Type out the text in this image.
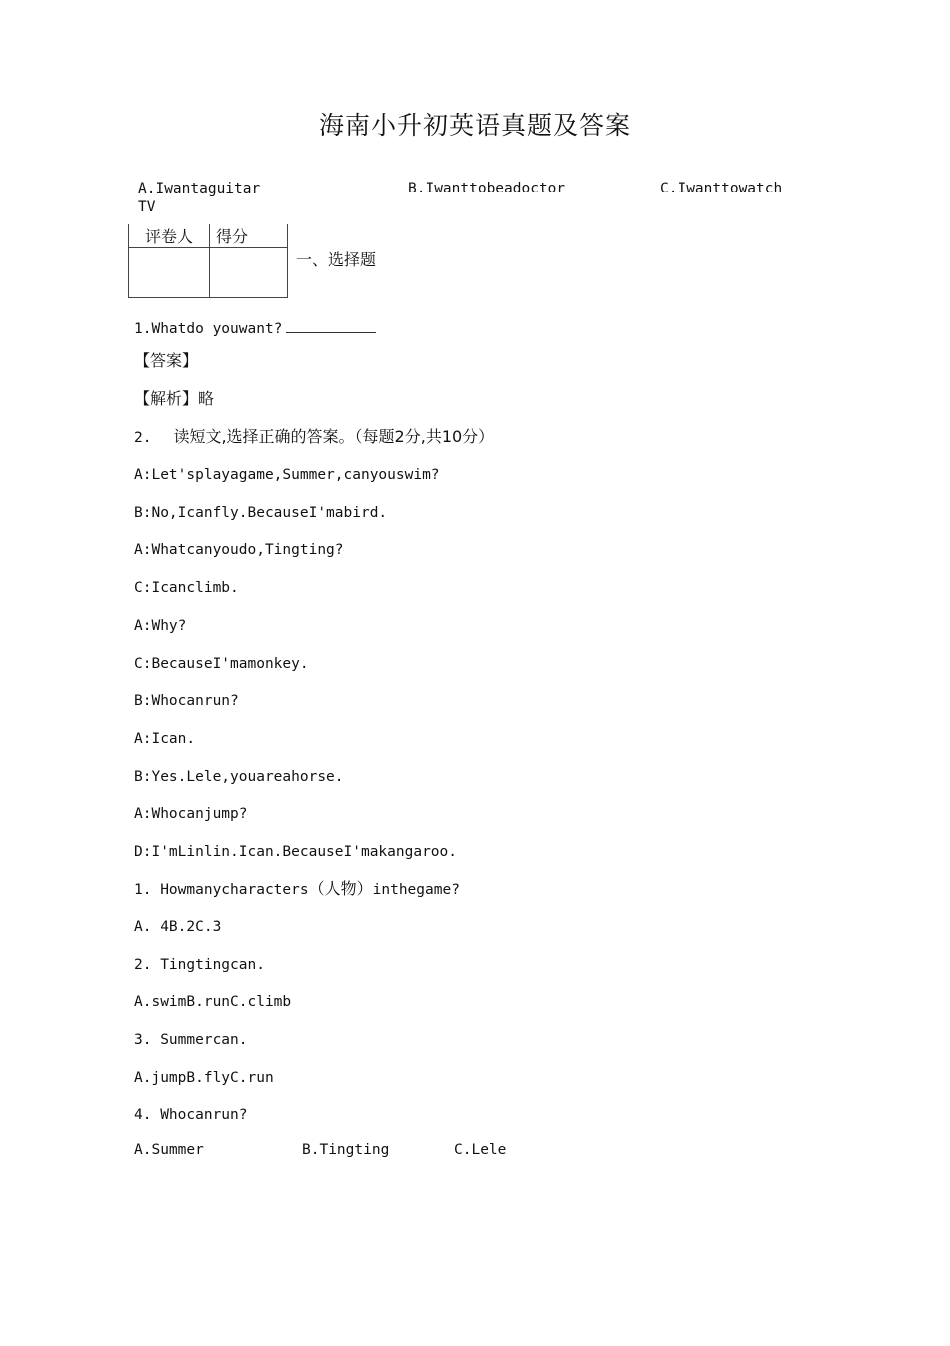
海南小升初英语真题及答案
A.Iwantaguitar
TV
B.Iwanttobeadoctor	C.Iwanttowatch
评卷人	得分

一、选择题
1.Whatdo youwant?
【答案】
【解析】略
2. 读短文,选择正确的答案。（每题2分,共10分）
A:Let'splayagame,Summer,canyouswim?
B:No,Icanfly.BecauseI'mabird.
A:Whatcanyoudo,Tingting?
C:Icanclimb.
A:Why?
C:BecauseI'mamonkey.
B:Whocanrun?
A:Ican.
B:Yes.Lele,youareahorse.
A:Whocanjump?
D:I'mLinlin.Ican.BecauseI'makangaroo.
1. Howmanycharacters（人物）inthegame?
A. 4B.2C.3
2. Tingtingcan.
A.swimB.runC.climb
3. Summercan.
A.jumpB.flyC.run
4. Whocanrun?
A.Summer	B.Tingting	C.Lele
